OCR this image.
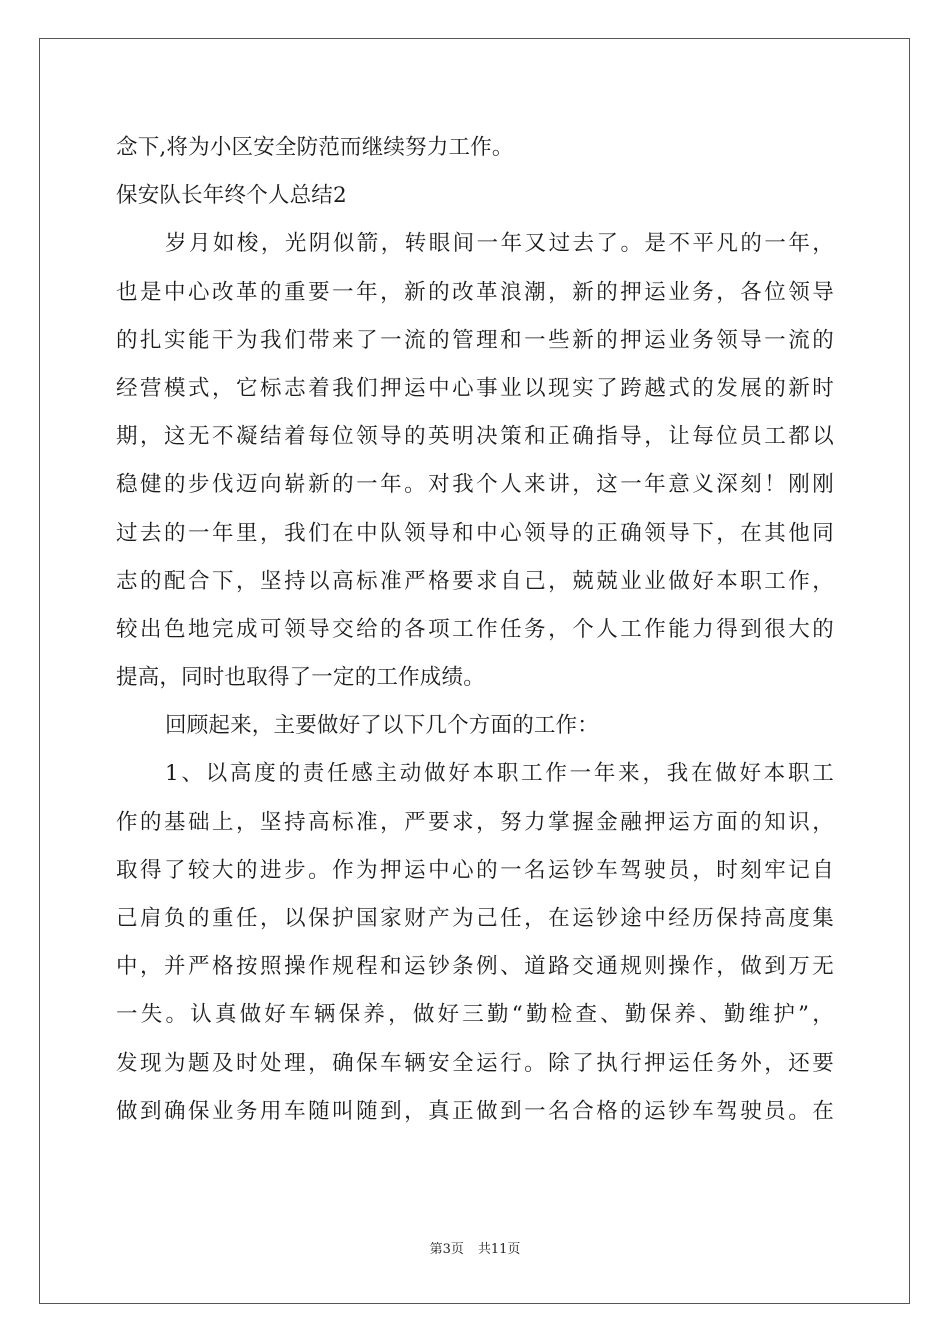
念下,将为小区安全防范而继续努力工作。
保安队长年终个人总结2
岁月如梭，光阴似箭，转眼间一年又过去了。是不平凡的一年，
也是中心改革的重要一年，新的改革浪潮，新的押运业务，各位领导
的扎实能干为我们带来了一流的管理和一些新的押运业务领导一流的
经营模式，它标志着我们押运中心事业以现实了跨越式的发展的新时
期，这无不凝结着每位领导的英明决策和正确指导，让每位员工都以
稳健的步伐迈向崭新的一年。对我个人来讲，这一年意义深刻！刚刚
过去的一年里，我们在中队领导和中心领导的正确领导下，在其他同
志的配合下，坚持以高标准严格要求自己，兢兢业业做好本职工作，
较出色地完成可领导交给的各项工作任务，个人工作能力得到很大的
提高，同时也取得了一定的工作成绩。
回顾起来，主要做好了以下几个方面的工作：
1、以高度的责任感主动做好本职工作一年来，我在做好本职工
作的基础上，坚持高标准，严要求，努力掌握金融押运方面的知识，
取得了较大的进步。作为押运中心的一名运钞车驾驶员，时刻牢记自
己肩负的重任，以保护国家财产为己任，在运钞途中经历保持高度集
中，并严格按照操作规程和运钞条例、道路交通规则操作，做到万无
一失。认真做好车辆保养，做好三勤“勤检查、勤保养、勤维护”，
发现为题及时处理，确保车辆安全运行。除了执行押运任务外，还要
做到确保业务用车随叫随到，真正做到一名合格的运钞车驾驶员。在
第3页 共11页
